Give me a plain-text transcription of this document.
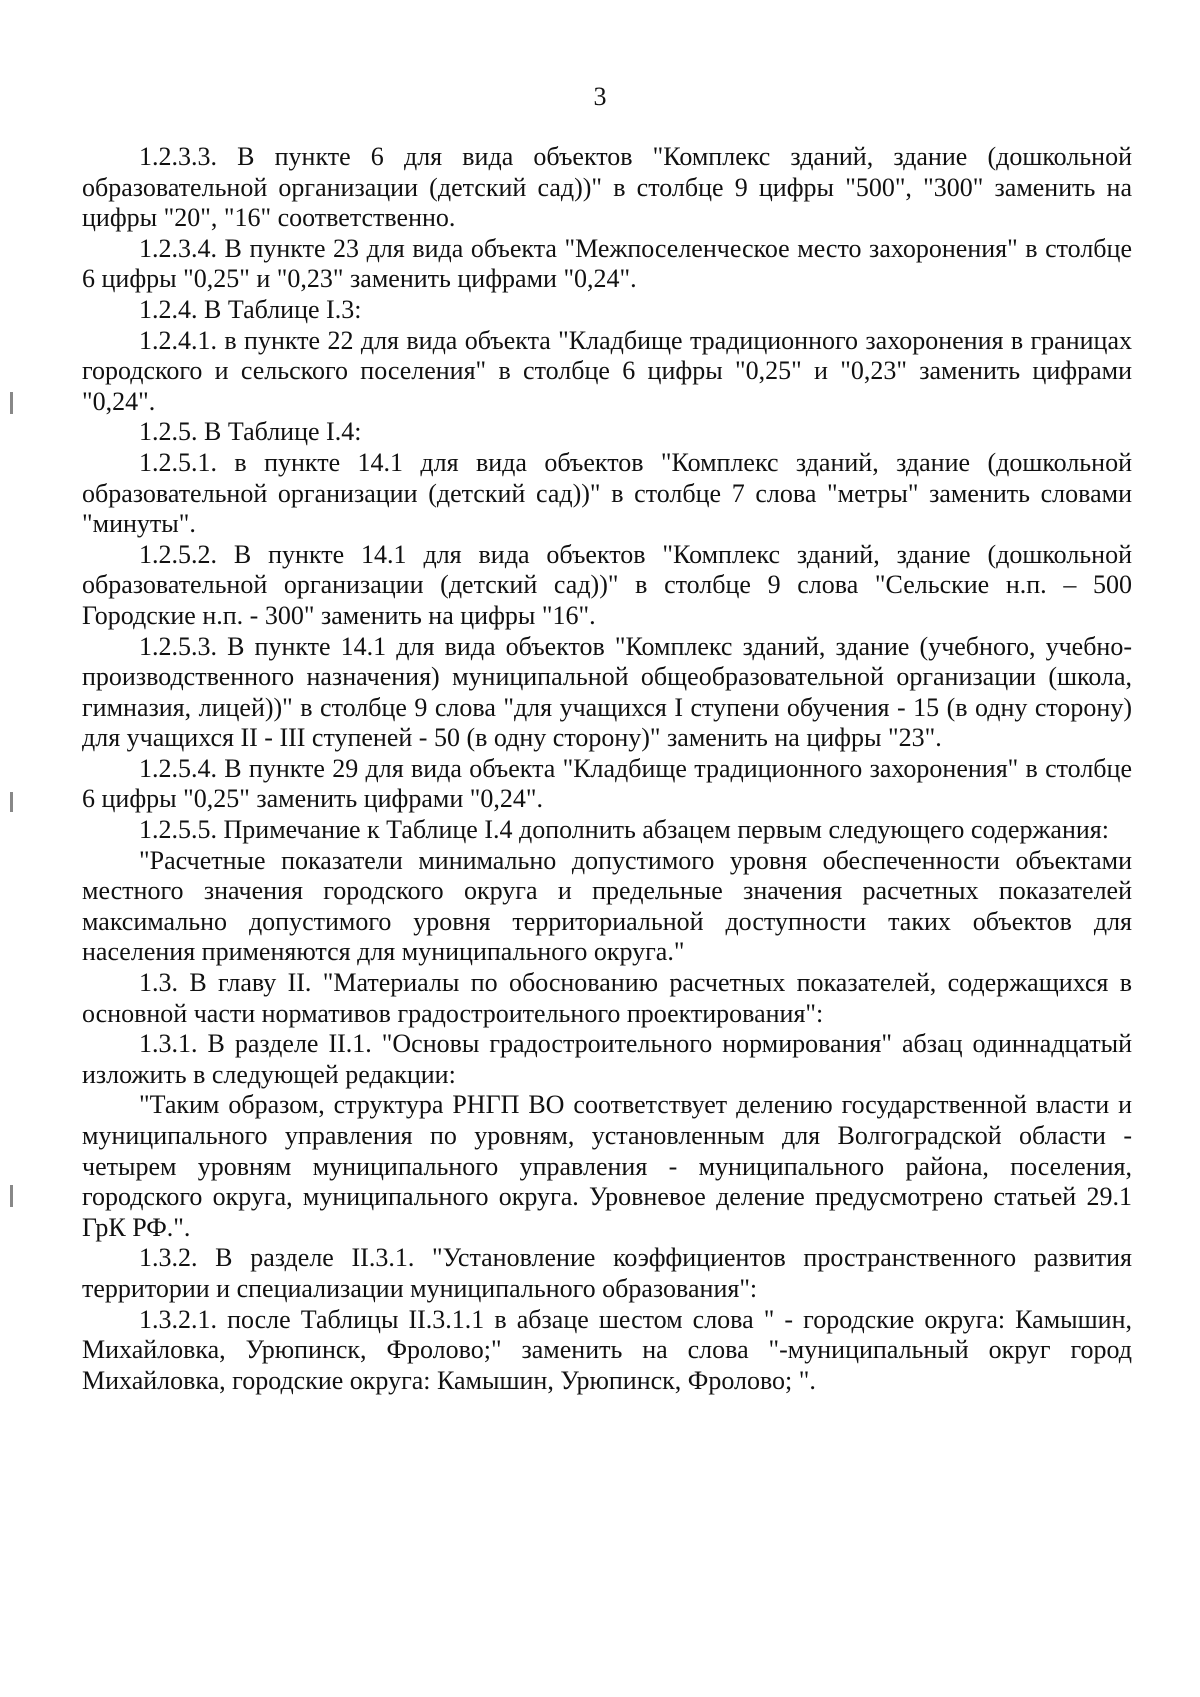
3

1.2.3.3. В пункте 6 для вида объектов "Комплекс зданий, здание (дошкольной образовательной организации (детский сад))" в столбце 9 цифры "500", "300" заменить на цифры "20", "16" соответственно.

1.2.3.4. В пункте 23 для вида объекта "Межпоселенческое место захоронения" в столбце 6 цифры "0,25" и "0,23" заменить цифрами "0,24".

1.2.4. В Таблице I.3:

1.2.4.1. в пункте 22 для вида объекта "Кладбище традиционного захоронения в границах городского и сельского поселения" в столбце 6 цифры "0,25" и "0,23" заменить цифрами "0,24".

1.2.5. В Таблице I.4:

1.2.5.1. в пункте 14.1 для вида объектов "Комплекс зданий, здание (дошкольной образовательной организации (детский сад))" в столбце 7 слова "метры" заменить словами "минуты".

1.2.5.2. В пункте 14.1 для вида объектов "Комплекс зданий, здание (дошкольной образовательной организации (детский сад))" в столбце 9 слова "Сельские н.п. – 500 Городские н.п. - 300" заменить на цифры "16".

1.2.5.3. В пункте 14.1 для вида объектов "Комплекс зданий, здание (учебного, учебно-производственного назначения) муниципальной общеобразовательной организации (школа, гимназия, лицей))" в столбце 9 слова "для учащихся I ступени обучения - 15 (в одну сторону) для учащихся II - III ступеней - 50 (в одну сторону)" заменить на цифры "23".

1.2.5.4. В пункте 29 для вида объекта "Кладбище традиционного захоронения" в столбце 6 цифры "0,25" заменить цифрами "0,24".

1.2.5.5. Примечание к Таблице I.4 дополнить абзацем первым следующего содержания:

"Расчетные показатели минимально допустимого уровня обеспеченности объектами местного значения городского округа и предельные значения расчетных показателей максимально допустимого уровня территориальной доступности таких объектов для населения применяются для муниципального округа."

1.3. В главу II. "Материалы по обоснованию расчетных показателей, содержащихся в основной части нормативов градостроительного проектирования":

1.3.1. В разделе II.1. "Основы градостроительного нормирования" абзац одиннадцатый изложить в следующей редакции:

"Таким образом, структура РНГП ВО соответствует делению государственной власти и муниципального управления по уровням, установленным для Волгоградской области - четырем уровням муниципального управления - муниципального района, поселения, городского округа, муниципального округа. Уровневое деление предусмотрено статьей 29.1 ГрК РФ.".

1.3.2. В разделе II.3.1. "Установление коэффициентов пространственного развития территории и специализации муниципального образования":

1.3.2.1. после Таблицы II.3.1.1 в абзаце шестом слова " - городские округа: Камышин, Михайловка, Урюпинск, Фролово;" заменить на слова "-муниципальный округ город Михайловка, городские округа: Камышин, Урюпинск, Фролово; ".
